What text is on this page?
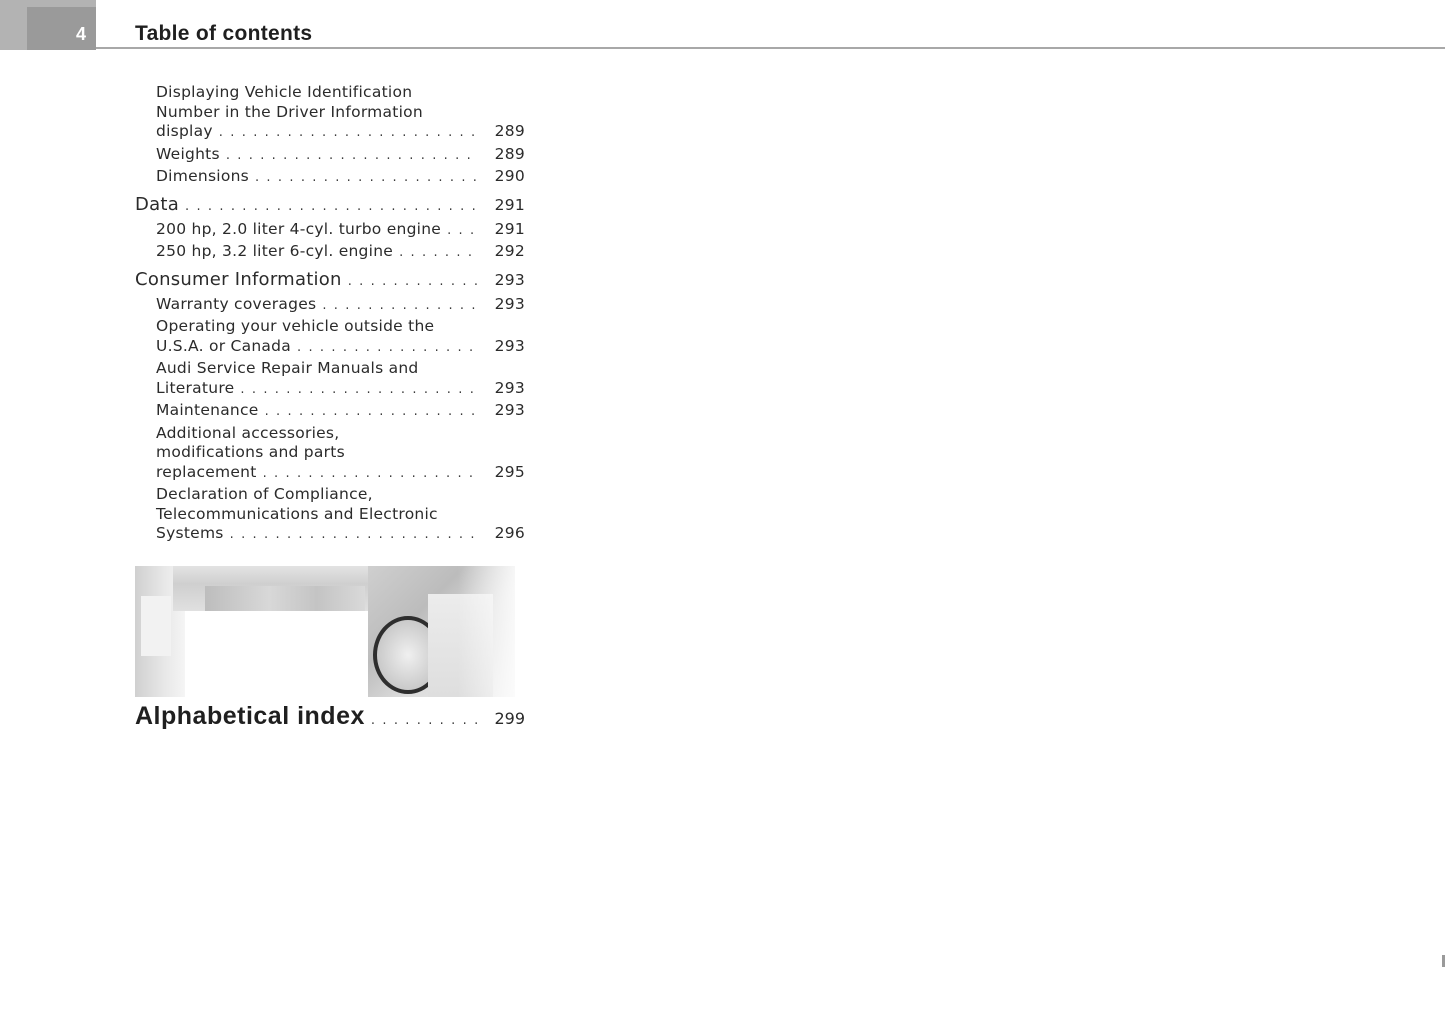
4 Table of contents
Displaying Vehicle Identification
Number in the Driver Information
display . . .	289
Weights . . .	289
Dimensions . . .	290
Data . . .	291
200 hp, 2.0 liter 4-cyl. turbo engine . . .	291
250 hp, 3.2 liter 6-cyl. engine . . .	292
Consumer Information . . .	293
Warranty coverages . . .	293
Operating your vehicle outside the
U.S.A. or Canada . . .	293
Audi Service Repair Manuals and
Literature . . .	293
Maintenance . . .	293
Additional accessories,
modifications and parts
replacement . . .	295
Declaration of Compliance,
Telecommunications and Electronic
Systems . . .	296
Alphabetical index . . .	299
